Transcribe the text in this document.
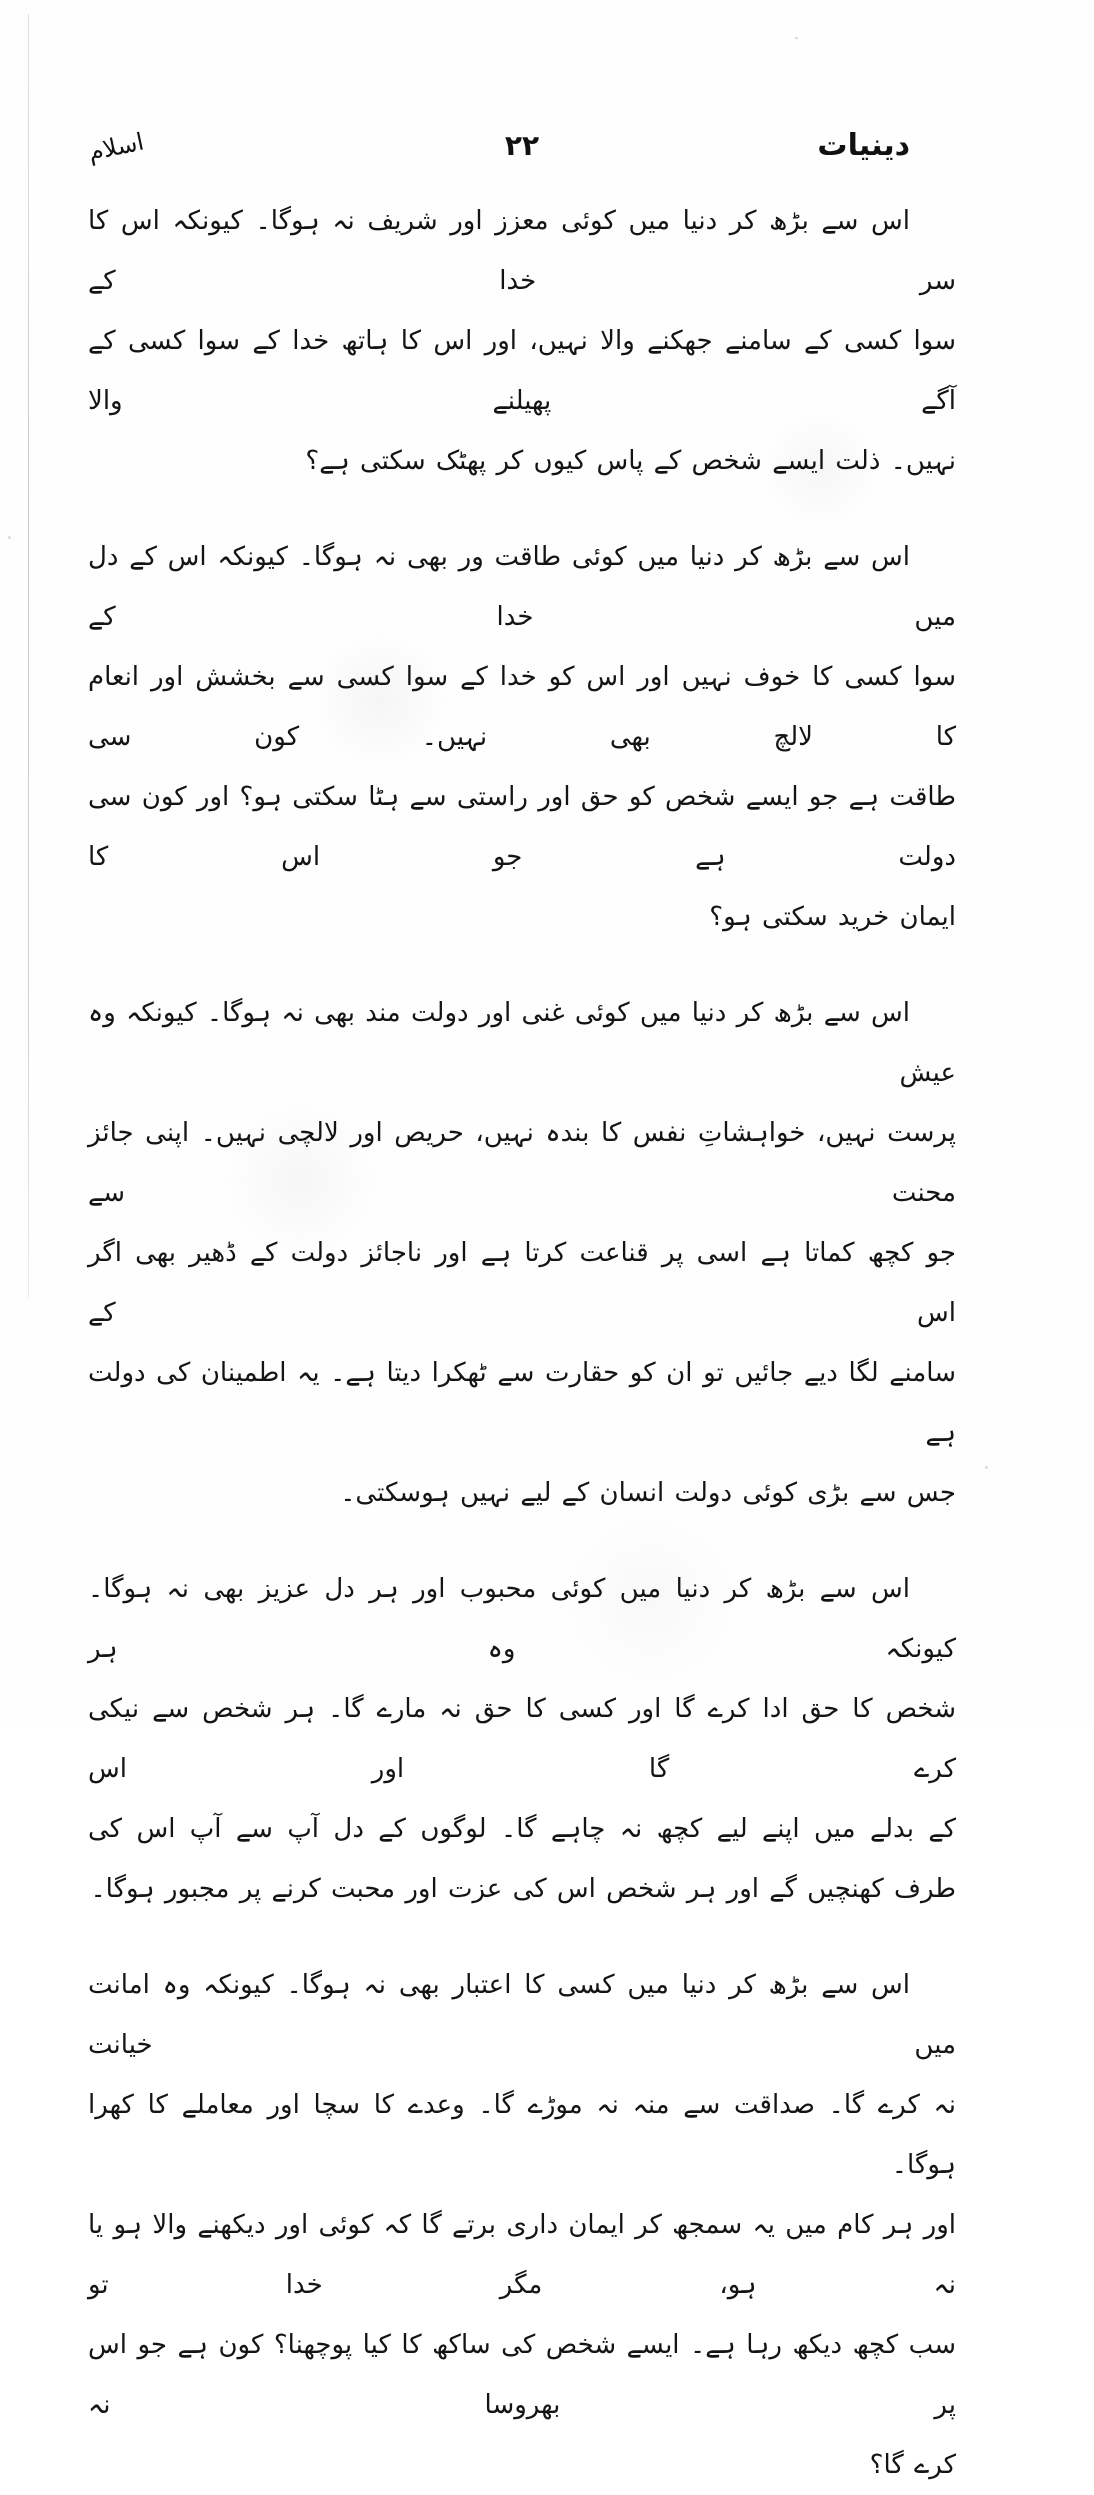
دینیات
۲۲
اسلام
اس سے بڑھ کر دنیا میں کوئی معزز اور شریف نہ ہوگا۔ کیونکہ اس کا سر خدا کے
سوا کسی کے سامنے جھکنے والا نہیں، اور اس کا ہاتھ خدا کے سوا کسی کے آگے پھیلنے والا
نہیں۔ ذلت ایسے شخص کے پاس کیوں کر پھٹک سکتی ہے؟
اس سے بڑھ کر دنیا میں کوئی طاقت ور بھی نہ ہوگا۔ کیونکہ اس کے دل میں خدا کے
سوا کسی کا خوف نہیں اور اس کو خدا کے سوا کسی سے بخشش اور انعام کا لالچ بھی نہیں۔ کون سی
طاقت ہے جو ایسے شخص کو حق اور راستی سے ہٹا سکتی ہو؟ اور کون سی دولت ہے جو اس کا
ایمان خرید سکتی ہو؟
اس سے بڑھ کر دنیا میں کوئی غنی اور دولت مند بھی نہ ہوگا۔ کیونکہ وہ عیش
پرست نہیں، خواہشاتِ نفس کا بندہ نہیں، حریص اور لالچی نہیں۔ اپنی جائز محنت سے
جو کچھ کماتا ہے اسی پر قناعت کرتا ہے اور ناجائز دولت کے ڈھیر بھی اگر اس کے
سامنے لگا دیے جائیں تو ان کو حقارت سے ٹھکرا دیتا ہے۔ یہ اطمینان کی دولت ہے
جس سے بڑی کوئی دولت انسان کے لیے نہیں ہوسکتی۔
اس سے بڑھ کر دنیا میں کوئی محبوب اور ہر دل عزیز بھی نہ ہوگا۔ کیونکہ وہ ہر
شخص کا حق ادا کرے گا اور کسی کا حق نہ مارے گا۔ ہر شخص سے نیکی کرے گا اور اس
کے بدلے میں اپنے لیے کچھ نہ چاہے گا۔ لوگوں کے دل آپ سے آپ اس کی
طرف کھنچیں گے اور ہر شخص اس کی عزت اور محبت کرنے پر مجبور ہوگا۔
اس سے بڑھ کر دنیا میں کسی کا اعتبار بھی نہ ہوگا۔ کیونکہ وہ امانت میں خیانت
نہ کرے گا۔ صداقت سے منہ نہ موڑے گا۔ وعدے کا سچا اور معاملے کا کھرا ہوگا۔
اور ہر کام میں یہ سمجھ کر ایمان داری برتے گا کہ کوئی اور دیکھنے والا ہو یا نہ ہو، مگر خدا تو
سب کچھ دیکھ رہا ہے۔ ایسے شخص کی ساکھ کا کیا پوچھنا؟ کون ہے جو اس پر بھروسا نہ
کرے گا؟
